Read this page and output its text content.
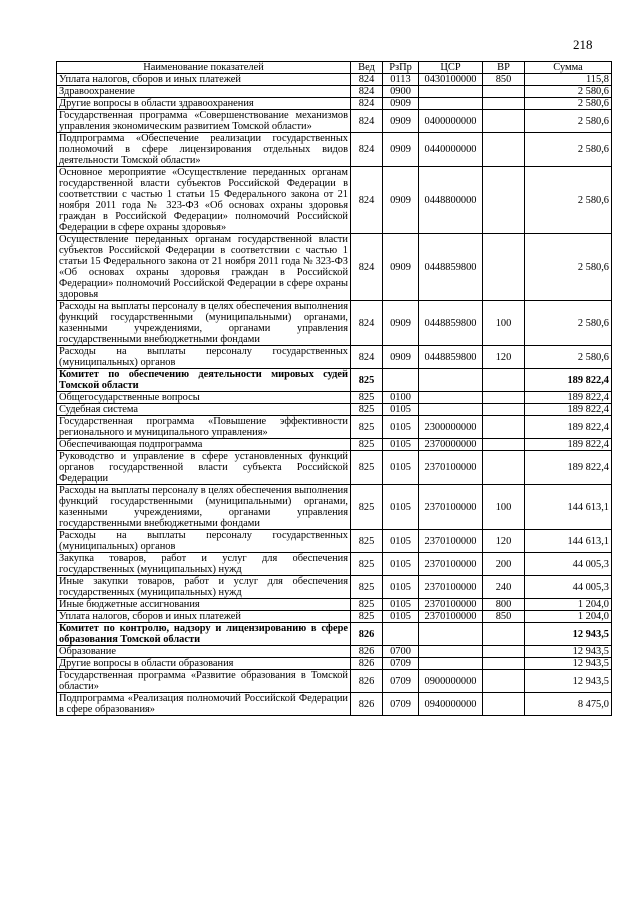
218
Наименование показателей	Вед	РзПр	ЦСР	ВР	Сумма
Уплата налогов, сборов и иных платежей	824	0113	0430100000	850	115,8
Здравоохранение	824	0900			2 580,6
Другие вопросы в области здравоохранения	824	0909			2 580,6
Государственная программа «Совершенствование механизмов управления экономическим развитием Томской области»	824	0909	0400000000		2 580,6
Подпрограмма «Обеспечение реализации государственных полномочий в сфере лицензирования отдельных видов деятельности Томской области»	824	0909	0440000000		2 580,6
Основное мероприятие «Осуществление переданных органам государственной власти субъектов Российской Федерации в соответствии с частью 1 статьи 15 Федерального закона от 21 ноября 2011 года № 323-ФЗ «Об основах охраны здоровья граждан в Российской Федерации» полномочий Российской Федерации в сфере охраны здоровья»	824	0909	0448800000		2 580,6
Осуществление переданных органам государственной власти субъектов Российской Федерации в соответствии с частью 1 статьи 15 Федерального закона от 21 ноября 2011 года № 323-ФЗ «Об основах охраны здоровья граждан в Российской Федерации» полномочий Российской Федерации в сфере охраны здоровья	824	0909	0448859800		2 580,6
Расходы на выплаты персоналу в целях обеспечения выполнения функций государственными (муниципальными) органами, казенными учреждениями, органами управления государственными внебюджетными фондами	824	0909	0448859800	100	2 580,6
Расходы на выплаты персоналу государственных (муниципальных) органов	824	0909	0448859800	120	2 580,6
Комитет по обеспечению деятельности мировых судей Томской области	825				189 822,4
Общегосударственные вопросы	825	0100			189 822,4
Судебная система	825	0105			189 822,4
Государственная программа «Повышение эффективности регионального и муниципального управления»	825	0105	2300000000		189 822,4
Обеспечивающая подпрограмма	825	0105	2370000000		189 822,4
Руководство и управление в сфере установленных функций органов государственной власти субъекта Российской Федерации	825	0105	2370100000		189 822,4
Расходы на выплаты персоналу в целях обеспечения выполнения функций государственными (муниципальными) органами, казенными учреждениями, органами управления государственными внебюджетными фондами	825	0105	2370100000	100	144 613,1
Расходы на выплаты персоналу государственных (муниципальных) органов	825	0105	2370100000	120	144 613,1
Закупка товаров, работ и услуг для обеспечения государственных (муниципальных) нужд	825	0105	2370100000	200	44 005,3
Иные закупки товаров, работ и услуг для обеспечения государственных (муниципальных) нужд	825	0105	2370100000	240	44 005,3
Иные бюджетные ассигнования	825	0105	2370100000	800	1 204,0
Уплата налогов, сборов и иных платежей	825	0105	2370100000	850	1 204,0
Комитет по контролю, надзору и лицензированию в сфере образования Томской области	826				12 943,5
Образование	826	0700			12 943,5
Другие вопросы в области образования	826	0709			12 943,5
Государственная программа «Развитие образования в Томской области»	826	0709	0900000000		12 943,5
Подпрограмма «Реализация полномочий Российской Федерации в сфере образования»	826	0709	0940000000		8 475,0
